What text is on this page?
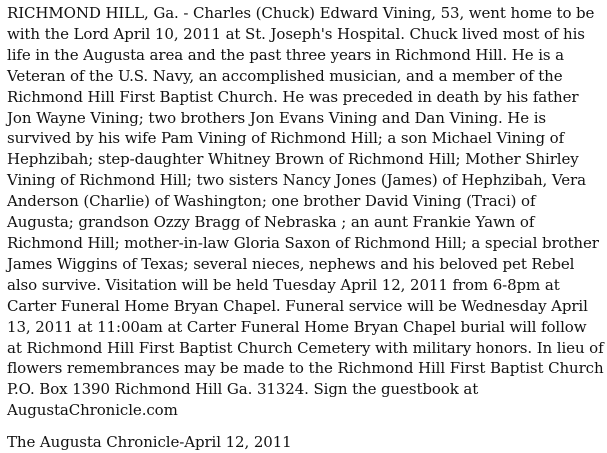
RICHMOND HILL, Ga. - Charles (Chuck) Edward Vining, 53, went home to be with the Lord April 10, 2011 at St. Joseph's Hospital. Chuck lived most of his life in the Augusta area and the past three years in Richmond Hill. He is a Veteran of the U.S. Navy, an accomplished musician, and a member of the Richmond Hill First Baptist Church. He was preceded in death by his father Jon Wayne Vining; two brothers Jon Evans Vining and Dan Vining. He is survived by his wife Pam Vining of Richmond Hill; a son Michael Vining of Hephzibah; step-daughter Whitney Brown of Richmond Hill; Mother Shirley Vining of Richmond Hill; two sisters Nancy Jones (James) of Hephzibah, Vera Anderson (Charlie) of Washington; one brother David Vining (Traci) of Augusta; grandson Ozzy Bragg of Nebraska ; an aunt Frankie Yawn of Richmond Hill; mother-in-law Gloria Saxon of Richmond Hill; a special brother James Wiggins of Texas; several nieces, nephews and his beloved pet Rebel also survive. Visitation will be held Tuesday April 12, 2011 from 6-8pm at Carter Funeral Home Bryan Chapel. Funeral service will be Wednesday April 13, 2011 at 11:00am at Carter Funeral Home Bryan Chapel burial will follow at Richmond Hill First Baptist Church Cemetery with military honors. In lieu of flowers remembrances may be made to the Richmond Hill First Baptist Church P.O. Box 1390 Richmond Hill Ga. 31324. Sign the guestbook at AugustaChronicle.com

The Augusta Chronicle-April 12, 2011
